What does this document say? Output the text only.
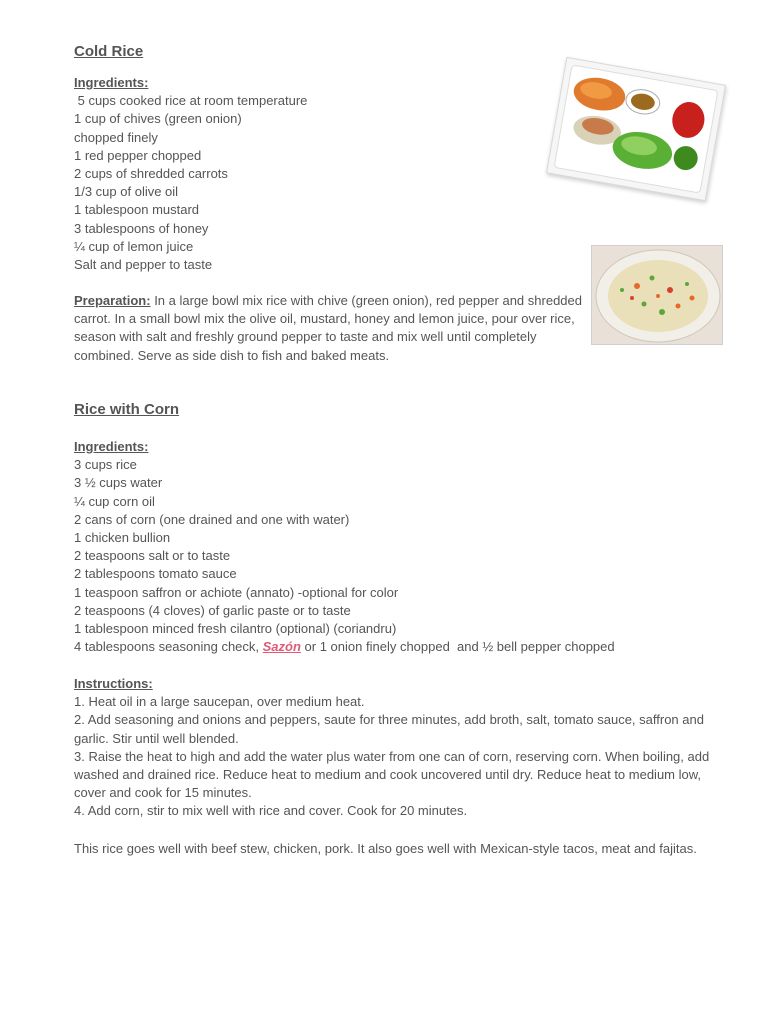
Cold Rice
Ingredients:
5 cups cooked rice at room temperature
1 cup of chives (green onion)
chopped finely
1 red pepper chopped
2 cups of shredded carrots
1/3 cup of olive oil
1 tablespoon mustard
3 tablespoons of honey
¼ cup of lemon juice
Salt and pepper to taste
Preparation: In a large bowl mix rice with chive (green onion), red pepper and shredded carrot. In a small bowl mix the olive oil, mustard, honey and lemon juice, pour over rice, season with salt and freshly ground pepper to taste and mix well until completely combined. Serve as side dish to fish and baked meats.
Rice with Corn
Ingredients:
3 cups rice
3 ½ cups water
¼ cup corn oil
2 cans of corn (one drained and one with water)
1 chicken bullion
2 teaspoons salt or to taste
2 tablespoons tomato sauce
1 teaspoon saffron or achiote (annato) -optional for color
2 teaspoons (4 cloves) of garlic paste or to taste
1 tablespoon minced fresh cilantro (optional) (coriandru)
4 tablespoons seasoning check, Sazón or 1 onion finely chopped  and ½ bell pepper chopped
Instructions:
1. Heat oil in a large saucepan, over medium heat.
2. Add seasoning and onions and peppers, saute for three minutes, add broth, salt, tomato sauce, saffron and garlic. Stir until well blended.
3. Raise the heat to high and add the water plus water from one can of corn, reserving corn. When boiling, add washed and drained rice. Reduce heat to medium and cook uncovered until dry. Reduce heat to medium low, cover and cook for 15 minutes.
4. Add corn, stir to mix well with rice and cover. Cook for 20 minutes.
This rice goes well with beef stew, chicken, pork. It also goes well with Mexican-style tacos, meat and fajitas.
